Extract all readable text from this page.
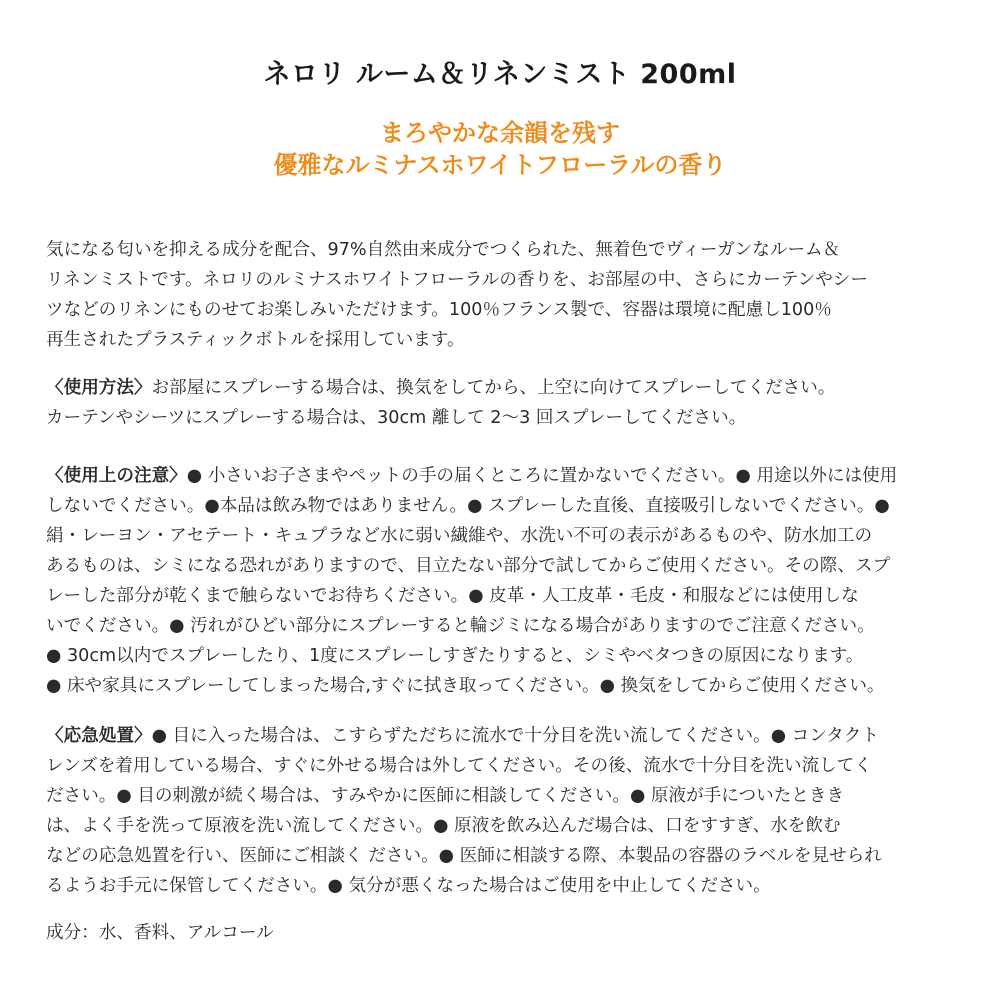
ネロリ ルーム＆リネンミスト 200ml
まろやかな余韻を残す
優雅なルミナスホワイトフローラルの香り

気になる匂いを抑える成分を配合、97%自然由来成分でつくられた、無着色でヴィーガンなルーム＆
リネンミストです。ネロリのルミナスホワイトフローラルの香りを、お部屋の中、さらにカーテンやシー
ツなどのリネンにものせてお楽しみいただけます。100％フランス製で、容器は環境に配慮し100％
再生されたプラスティックボトルを採用しています。

〈使用方法〉お部屋にスプレーする場合は、換気をしてから、上空に向けてスプレーしてください。
カーテンやシーツにスプレーする場合は、30cm 離して 2～3 回スプレーしてください。

〈使用上の注意〉● 小さいお子さまやペットの手の届くところに置かないでください。● 用途以外には使用
しないでください。●本品は飲み物ではありません。● スプレーした直後、直接吸引しないでください。●
絹・レーヨン・アセテート・キュプラなど水に弱い繊維や、水洗い不可の表示があるものや、防水加工の
あるものは、シミになる恐れがありますので、目立たない部分で試してからご使用ください。その際、スプ
レーした部分が乾くまで触らないでお待ちください。● 皮革・人工皮革・毛皮・和服などには使用しな
いでください。● 汚れがひどい部分にスプレーすると輪ジミになる場合がありますのでご注意ください。
● 30cm以内でスプレーしたり、1度にスプレーしすぎたりすると、シミやベタつきの原因になります。
● 床や家具にスプレーしてしまった場合,すぐに拭き取ってください。● 換気をしてからご使用ください。

〈応急処置〉● 目に入った場合は、こすらずただちに流水で十分目を洗い流してください。● コンタクト
レンズを着用している場合、すぐに外せる場合は外してください。その後、流水で十分目を洗い流してく
ださい。● 目の刺激が続く場合は、すみやかに医師に相談してください。● 原液が手についたときき
は、よく手を洗って原液を洗い流してください。● 原液を飲み込んだ場合は、口をすすぎ、水を飲む
などの応急処置を行い、医師にご相談く ださい。● 医師に相談する際、本製品の容器のラベルを見せられ
るようお手元に保管してください。● 気分が悪くなった場合はご使用を中止してください。

成分：水、香料、アルコール
